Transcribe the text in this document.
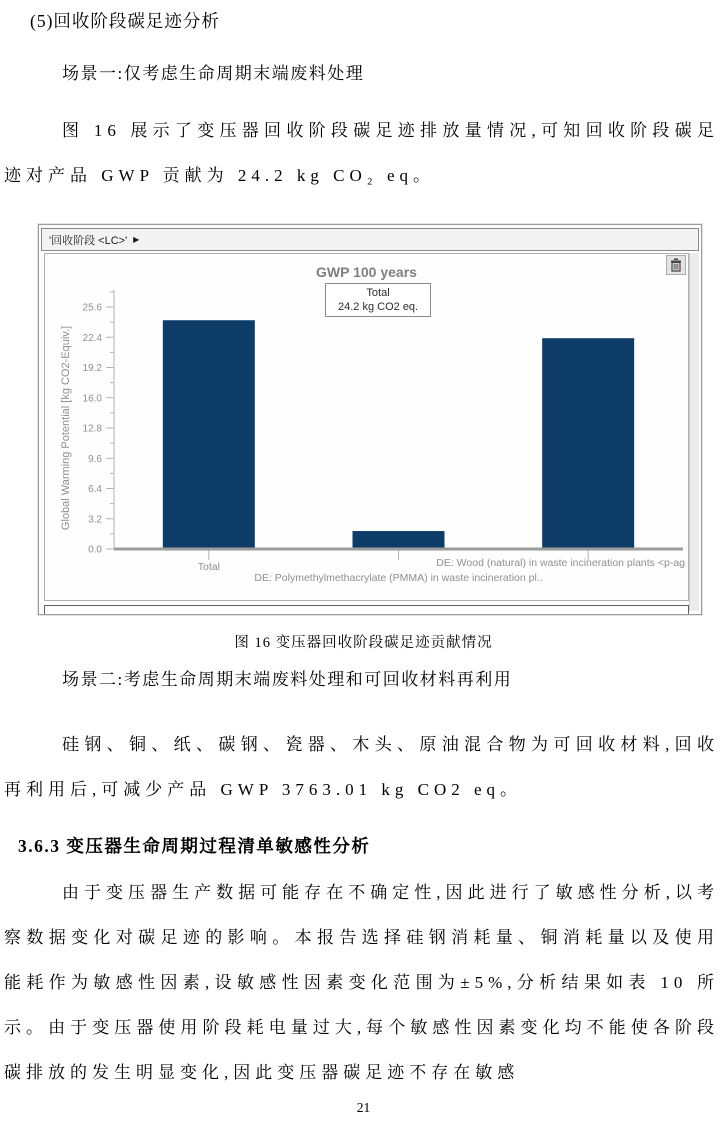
(5)回收阶段碳足迹分析

场景一:仅考虑生命周期末端废料处理

图 16 展示了变压器回收阶段碳足迹排放量情况,可知回收阶段碳足迹对产品 GWP 贡献为 24.2 kg CO₂ eq。

'回收阶段 <LC>' ▶
GWP 100 years
Total
24.2 kg CO2 eq.
0.0
3.2
6.4
9.6
12.8
16.0
19.2
22.4
25.6
Total	DE: Wood (natural) in waste incineration plants <p-ag
DE: Polymethylmethacrylate (PMMA) in waste incineration pl..
Global Warming Potential [kg CO2-Equiv.]

图 16 变压器回收阶段碳足迹贡献情况

场景二:考虑生命周期末端废料处理和可回收材料再利用

硅钢、铜、纸、碳钢、瓷器、木头、原油混合物为可回收材料,回收再利用后,可减少产品 GWP 3763.01 kg CO2 eq。

3.6.3 变压器生命周期过程清单敏感性分析

由于变压器生产数据可能存在不确定性,因此进行了敏感性分析,以考察数据变化对碳足迹的影响。本报告选择硅钢消耗量、铜消耗量以及使用能耗作为敏感性因素,设敏感性因素变化范围为±5%,分析结果如表 10 所示。由于变压器使用阶段耗电量过大,每个敏感性因素变化均不能使各阶段碳排放的发生明显变化,因此变压器碳足迹不存在敏感

21
